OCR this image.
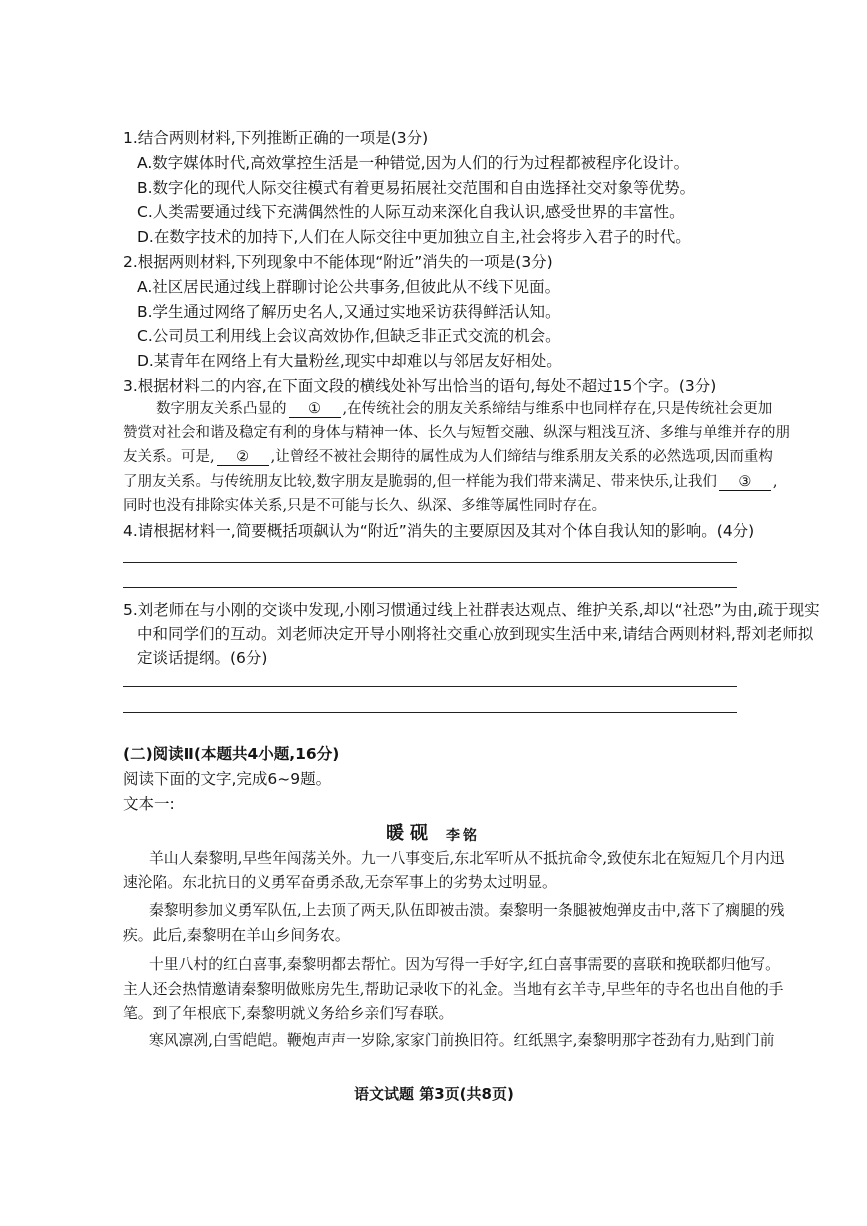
1.结合两则材料,下列推断正确的一项是(3分)
A.数字媒体时代,高效掌控生活是一种错觉,因为人们的行为过程都被程序化设计。
B.数字化的现代人际交往模式有着更易拓展社交范围和自由选择社交对象等优势。
C.人类需要通过线下充满偶然性的人际互动来深化自我认识,感受世界的丰富性。
D.在数字技术的加持下,人们在人际交往中更加独立自主,社会将步入君子的时代。
2.根据两则材料,下列现象中不能体现“附近”消失的一项是(3分)
A.社区居民通过线上群聊讨论公共事务,但彼此从不线下见面。
B.学生通过网络了解历史名人,又通过实地采访获得鲜活认知。
C.公司员工利用线上会议高效协作,但缺乏非正式交流的机会。
D.某青年在网络上有大量粉丝,现实中却难以与邻居友好相处。
3.根据材料二的内容,在下面文段的横线处补写出恰当的语句,每处不超过15个字。(3分)
数字朋友关系凸显的 ① ,在传统社会的朋友关系缔结与维系中也同样存在,只是传统社会更加
赞赏对社会和谐及稳定有利的身体与精神一体、长久与短暂交融、纵深与粗浅互济、多维与单维并存的朋
友关系。可是, ② ,让曾经不被社会期待的属性成为人们缔结与维系朋友关系的必然选项,因而重构
了朋友关系。与传统朋友比较,数字朋友是脆弱的,但一样能为我们带来满足、带来快乐,让我们 ③ ,
同时也没有排除实体关系,只是不可能与长久、纵深、多维等属性同时存在。
4.请根据材料一,简要概括项飙认为“附近”消失的主要原因及其对个体自我认知的影响。(4分)
5.刘老师在与小刚的交谈中发现,小刚习惯通过线上社群表达观点、维护关系,却以“社恐”为由,疏于现实
中和同学们的互动。刘老师决定开导小刚将社交重心放到现实生活中来,请结合两则材料,帮刘老师拟
定谈话提纲。(6分)
(二)阅读Ⅱ(本题共4小题,16分)
阅读下面的文字,完成6~9题。
文本一:
暖砚 李铭
羊山人秦黎明,早些年闯荡关外。九一八事变后,东北军听从不抵抗命令,致使东北在短短几个月内迅
速沦陷。东北抗日的义勇军奋勇杀敌,无奈军事上的劣势太过明显。
秦黎明参加义勇军队伍,上去顶了两天,队伍即被击溃。秦黎明一条腿被炮弹皮击中,落下了瘸腿的残
疾。此后,秦黎明在羊山乡间务农。
十里八村的红白喜事,秦黎明都去帮忙。因为写得一手好字,红白喜事需要的喜联和挽联都归他写。
主人还会热情邀请秦黎明做账房先生,帮助记录收下的礼金。当地有玄羊寺,早些年的寺名也出自他的手
笔。到了年根底下,秦黎明就义务给乡亲们写春联。
寒风凛冽,白雪皑皑。鞭炮声声一岁除,家家门前换旧符。红纸黑字,秦黎明那字苍劲有力,贴到门前
语文试题 第3页(共8页)
